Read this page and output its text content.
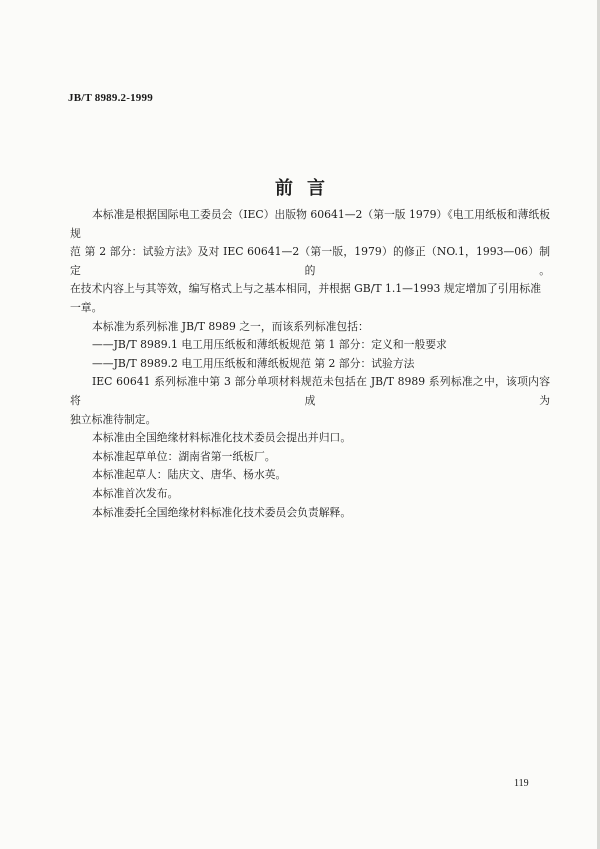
JB/T 8989.2-1999
前言

本标准是根据国际电工委员会（IEC）出版物 60641—2（第一版 1979）《电工用纸板和薄纸板规

范 第 2 部分：试验方法》及对 IEC 60641—2（第一版，1979）的修正（NO.1，1993—06）制定的。

在技术内容上与其等效，编写格式上与之基本相同，并根据 GB/T 1.1—1993 规定增加了引用标准一章。

本标准为系列标准 JB/T 8989 之一，而该系列标准包括：

——JB/T 8989.1 电工用压纸板和薄纸板规范 第 1 部分：定义和一般要求

——JB/T 8989.2 电工用压纸板和薄纸板规范 第 2 部分：试验方法

IEC 60641 系列标准中第 3 部分单项材料规范未包括在 JB/T 8989 系列标准之中，该项内容将成为

独立标准待制定。

本标准由全国绝缘材料标准化技术委员会提出并归口。

本标准起草单位：湖南省第一纸板厂。

本标准起草人：陆庆文、唐华、杨水英。

本标准首次发布。

本标准委托全国绝缘材料标准化技术委员会负责解释。

119
